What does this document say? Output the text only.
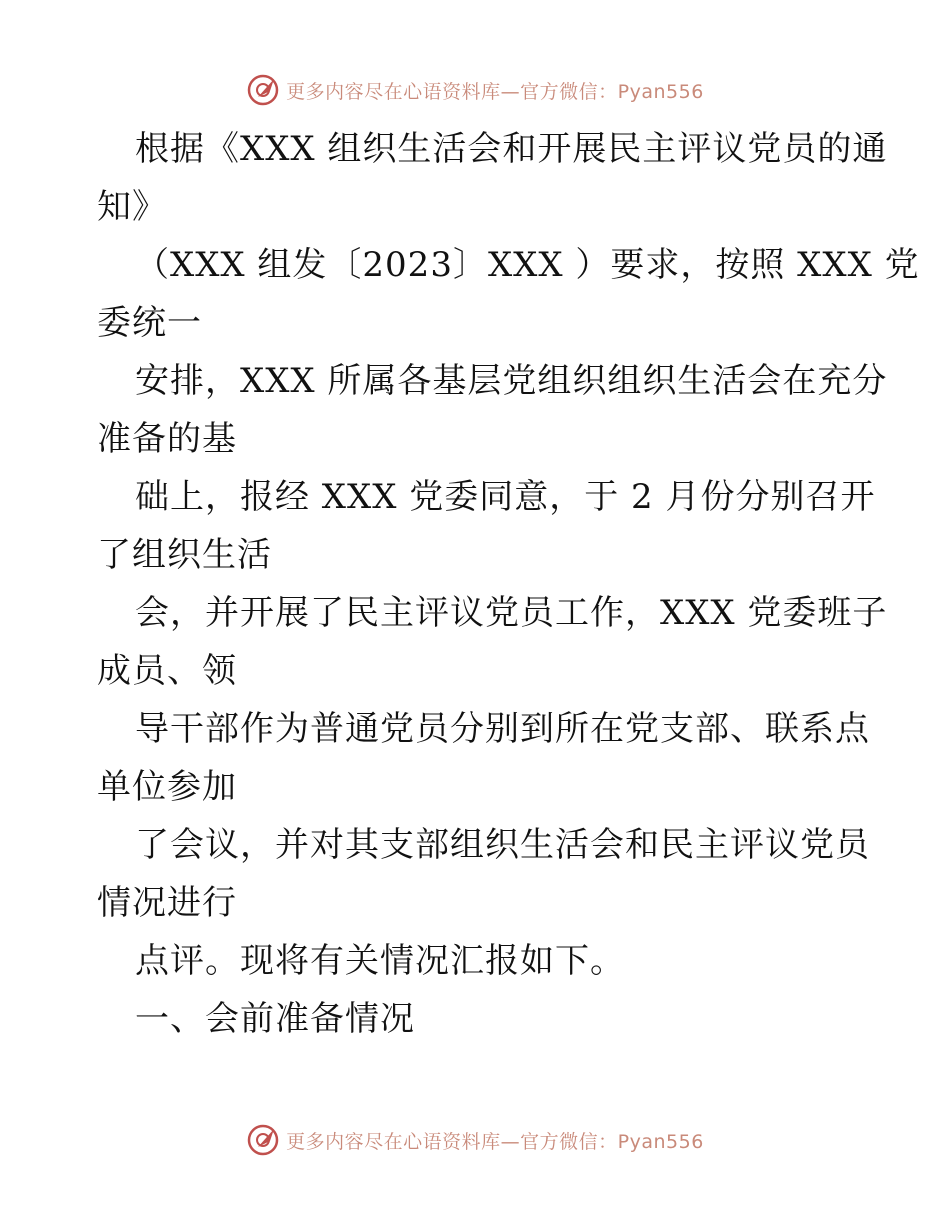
更多内容尽在心语资料库—官方微信：Pyan556
根据《XXX 组织生活会和开展民主评议党员的通
知》
（XXX 组发〔2023〕XXX ）要求，按照 XXX 党
委统一
安排，XXX 所属各基层党组织组织生活会在充分
准备的基
础上，报经 XXX 党委同意，于 2 月份分别召开
了组织生活
会，并开展了民主评议党员工作，XXX 党委班子
成员、领
导干部作为普通党员分别到所在党支部、联系点
单位参加
了会议，并对其支部组织生活会和民主评议党员
情况进行
点评。现将有关情况汇报如下。
一、会前准备情况
更多内容尽在心语资料库—官方微信：Pyan556
